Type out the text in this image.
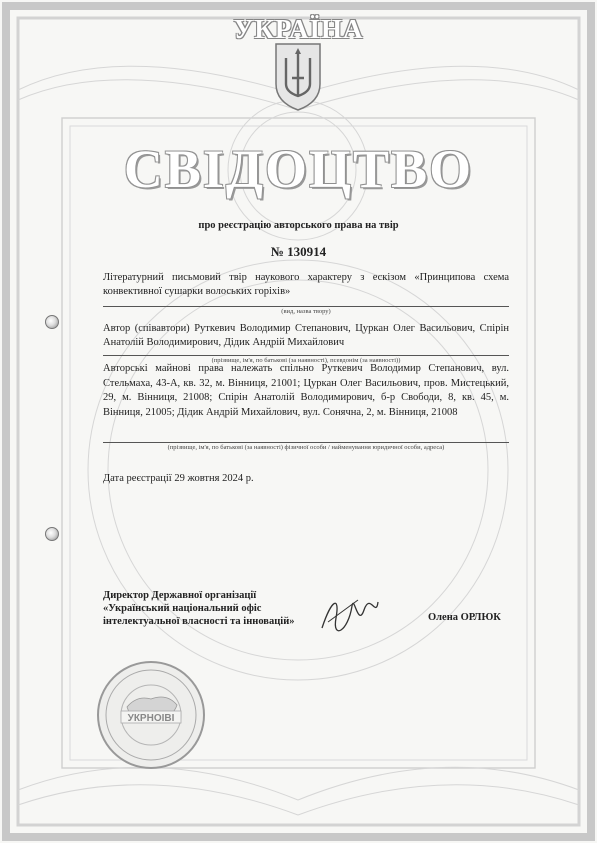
УКРАЇНА
СВІДОЦТВО
про реєстрацію авторського права на твір
№ 130914
Літературний письмовий твір наукового характеру з ескізом «Принципова схема конвективної сушарки волоських горіхів»
(вид, назва твору)
Автор (співавтори) Руткевич Володимир Степанович, Цуркан Олег Васильович, Спірін Анатолій Володимирович, Дідик Андрій Михайлович
(прізвище, ім'я, по батькові (за наявності), псевдонім (за наявності))
Авторські майнові права належать спільно Руткевич Володимир Степанович, вул. Стельмаха, 43-А, кв. 32, м. Вінниця, 21001; Цуркан Олег Васильович, пров. Мистецький, 29, м. Вінниця, 21008; Спірін Анатолій Володимирович, б-р Свободи, 8, кв. 45, м. Вінниця, 21005; Дідик Андрій Михайлович, вул. Сонячна, 2, м. Вінниця, 21008
(прізвище, ім'я, по батькові (за наявності) фізичної особи / найменування юридичної особи, адреса)
Дата реєстрації 29 жовтня 2024 р.
Директор Державної організації «Український національний офіс інтелектуальної власності та інновацій»	Олена ОРЛЮК
УКРНОІВІ
